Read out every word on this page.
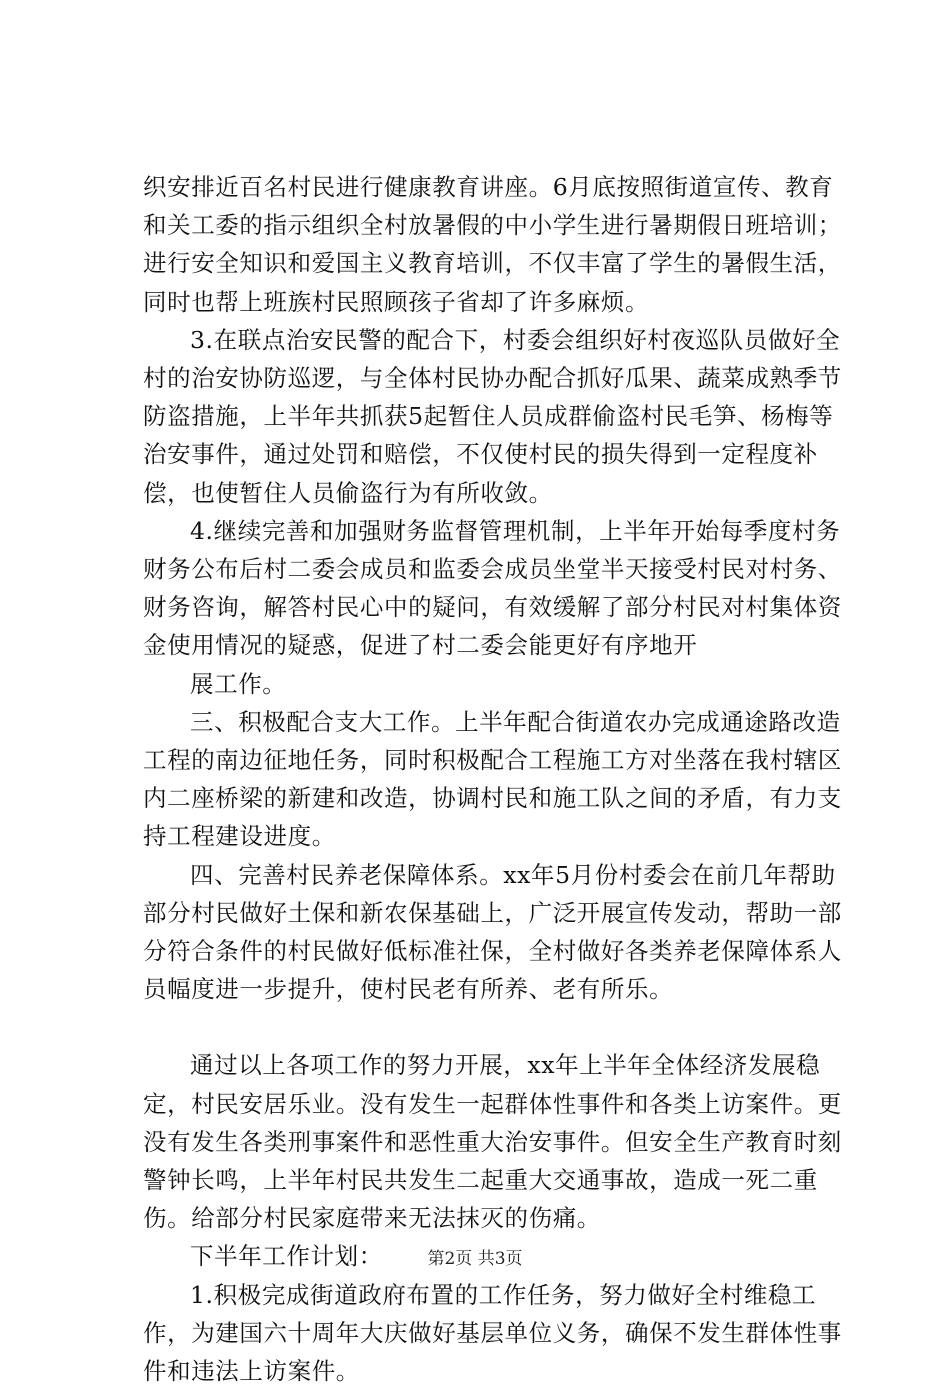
织安排近百名村民进行健康教育讲座。6月底按照街道宣传、教育和关工委的指示组织全村放暑假的中小学生进行暑期假日班培训；进行安全知识和爱国主义教育培训，不仅丰富了学生的暑假生活，同时也帮上班族村民照顾孩子省却了许多麻烦。

3.在联点治安民警的配合下，村委会组织好村夜巡队员做好全村的治安协防巡逻，与全体村民协办配合抓好瓜果、蔬菜成熟季节防盗措施，上半年共抓获5起暂住人员成群偷盗村民毛笋、杨梅等治安事件，通过处罚和赔偿，不仅使村民的损失得到一定程度补偿，也使暂住人员偷盗行为有所收敛。

4.继续完善和加强财务监督管理机制，上半年开始每季度村务财务公布后村二委会成员和监委会成员坐堂半天接受村民对村务、财务咨询，解答村民心中的疑问，有效缓解了部分村民对村集体资金使用情况的疑惑，促进了村二委会能更好有序地开

展工作。

三、积极配合支大工作。上半年配合街道农办完成通途路改造工程的南边征地任务，同时积极配合工程施工方对坐落在我村辖区内二座桥梁的新建和改造，协调村民和施工队之间的矛盾，有力支持工程建设进度。

四、完善村民养老保障体系。xx年5月份村委会在前几年帮助部分村民做好土保和新农保基础上，广泛开展宣传发动，帮助一部分符合条件的村民做好低标准社保，全村做好各类养老保障体系人员幅度进一步提升，使村民老有所养、老有所乐。

通过以上各项工作的努力开展，xx年上半年全体经济发展稳定，村民安居乐业。没有发生一起群体性事件和各类上访案件。更没有发生各类刑事案件和恶性重大治安事件。但安全生产教育时刻警钟长鸣，上半年村民共发生二起重大交通事故，造成一死二重伤。给部分村民家庭带来无法抹灭的伤痛。

下半年工作计划：

1.积极完成街道政府布置的工作任务，努力做好全村维稳工作，为建国六十周年大庆做好基层单位义务，确保不发生群体性事件和违法上访案件。

第2页 共3页
